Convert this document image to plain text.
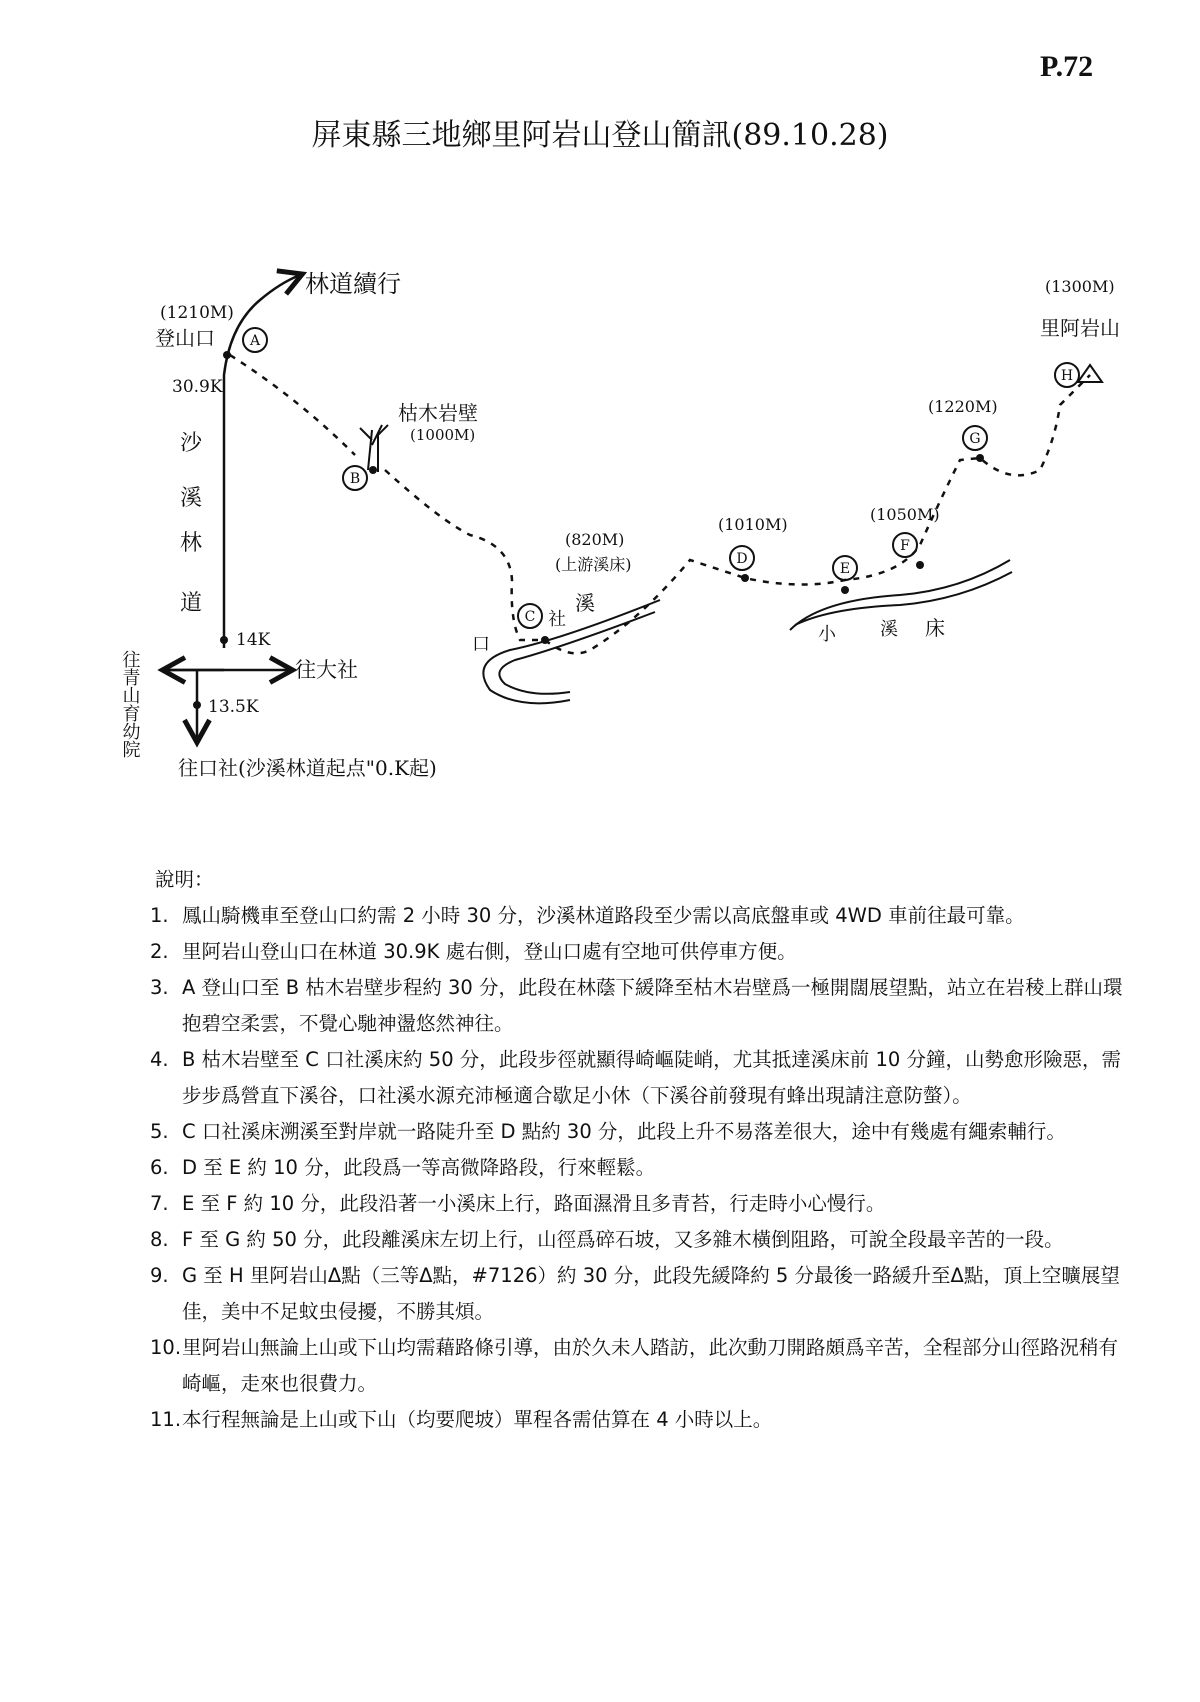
P.72
屏東縣三地鄉里阿岩山登山簡訊(89.10.28)
A
B
C
D
E
F
G
H
林道續行
(1210M)
登山口
30.9K
沙
溪
林
道
14K
13.5K
往大社
往青山育幼院
往口社(沙溪林道起点"0.K起)
枯木岩壁
(1000M)
(820M)
(上游溪床)
口
社
溪
(1010M)
(1050M)
(1220M)
(1300M)
里阿岩山
小 溪 床
說明：
1. 鳳山騎機車至登山口約需 2 小時 30 分，沙溪林道路段至少需以高底盤車或 4WD 車前往最可靠。
2. 里阿岩山登山口在林道 30.9K 處右側，登山口處有空地可供停車方便。
3. A 登山口至 B 枯木岩壁步程約 30 分，此段在林蔭下緩降至枯木岩壁爲一極開闊展望點，站立在岩稜上群山環抱碧空柔雲，不覺心馳神盪悠然神往。
4. B 枯木岩壁至 C 口社溪床約 50 分，此段步徑就顯得崎嶇陡峭，尤其抵達溪床前 10 分鐘，山勢愈形險惡，需步步爲營直下溪谷，口社溪水源充沛極適合歇足小休（下溪谷前發現有蜂出現請注意防螫）。
5. C 口社溪床溯溪至對岸就一路陡升至 D 點約 30 分，此段上升不易落差很大，途中有幾處有繩索輔行。
6. D 至 E 約 10 分，此段爲一等高微降路段，行來輕鬆。
7. E 至 F 約 10 分，此段沿著一小溪床上行，路面濕滑且多青苔，行走時小心慢行。
8. F 至 G 約 50 分，此段離溪床左切上行，山徑爲碎石坡，又多雜木橫倒阻路，可說全段最辛苦的一段。
9. G 至 H 里阿岩山Δ點（三等Δ點，#7126）約 30 分，此段先緩降約 5 分最後一路緩升至Δ點，頂上空曠展望佳，美中不足蚊虫侵擾，不勝其煩。
10. 里阿岩山無論上山或下山均需藉路條引導，由於久未人踏訪，此次動刀開路頗爲辛苦，全程部分山徑路況稍有崎嶇，走來也很費力。
11. 本行程無論是上山或下山（均要爬坡）單程各需估算在 4 小時以上。
